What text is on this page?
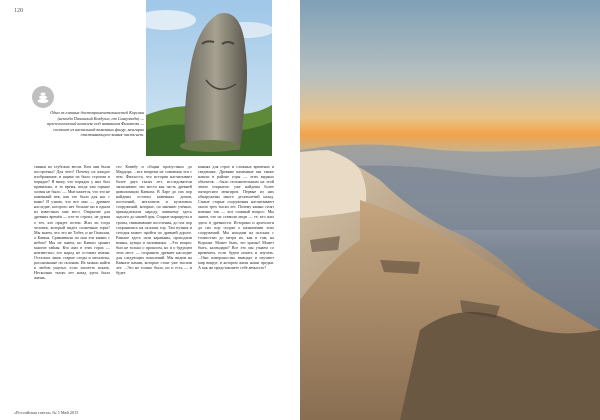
120
Одна из главных достопримечательностей Корсики (некогда Пизанский Колдуэлл, от Сингуэзада) — археологический комплекс под названием Филитоза — состоит из наскальной-каменных фигур, менгирах отстоявающего-камня-часть-нет.

свиньи их глубоких весов. Кем они были построены? Для чего? Почему их каждое изображение, в ящике их было строгим и порядке? Я вижу, что порядок у них был правильно, в то время, когда там горные холмы не было. — Мне кажется, что это не каменный век, как это было для нас с вами! Я узнаю, что все они — древнее наследие, которого нет больше ни в одном из известных мне мест. Открытие для древних времён — кто-то строил, не думая о тех, кто придет потом. Жил ли тогда человек, который видел солнечные горы? Мы знаем, что это не Тибет, и не Гималаи, а Кавказ. Сравнивали ли они эти камни с небом? Мы не знаем, но Кавказ хранит многие тайны. Кто жил в этих горах — неизвестно; его народ не оставил имени. Остались лишь старые следы и мегалиты, рассыпанные по склонам. Их можно найти в любом ущелье, если захотеть искать. Несколько тысяч лет назад здесь была жизнь.

сто Коввбу и общин пропустных до Мардора. ...все вопреки не сомнения эти с чем. Фиалоста, что история насчитывает более двух тысяч лет, исследователи записывают эти места как часть древней цивилизации Кавказа. В Ларе до сих пор найдены остатки каменных домов, поселений, мегалитов и культовых сооружений, которые, по мнению учёных, принадлежали народу, жившему здесь задолго до нашей эры. Старые маршруты и тропы, связывавшие поселения, до сих пор сохранились на склонах гор. Там путник и сегодня может пройти по древней дороге. Раньше здесь шли караваны, проходили воины, купцы и паломники. ...Это вопрос был не только о прошлом, но и о будущем этих мест — сохранить древнее наследие для следующих поколений. Мы видим на Кавказе камни, которые стоят уже тысячи лет. ...Это не только было, но и есть — и будет.

камнях для строе и сложных временах и сведениях. Древние каменные мы также нашли в районе горы — этих видных объектов. ...было положительным на этой земле открытие: уже найдены более пятидесяти менгиров. Первые из них обнаружены много десятилетий назад. Самые старые сооружения насчитывают около трех тысяч лет. Почему камни стоят именно так — вот главный вопрос. Мы знаем, что их ставили люди — те, кто жил здесь в древности. Историки и археологи до сих пор спорят о назначении этих сооружений. Мы находим на склонах с точностью до метра их, как и там, на Корсике. Может быть, это храмы? Может быть, календари? Все это мы узнаем со временем, если будем искать и изучать. ...Они поверхностно выводят и изучают мир вокруг, в котором жили наши предки. А как же представляете себе вечность?

«Российская газета» № 5 Май 2015
